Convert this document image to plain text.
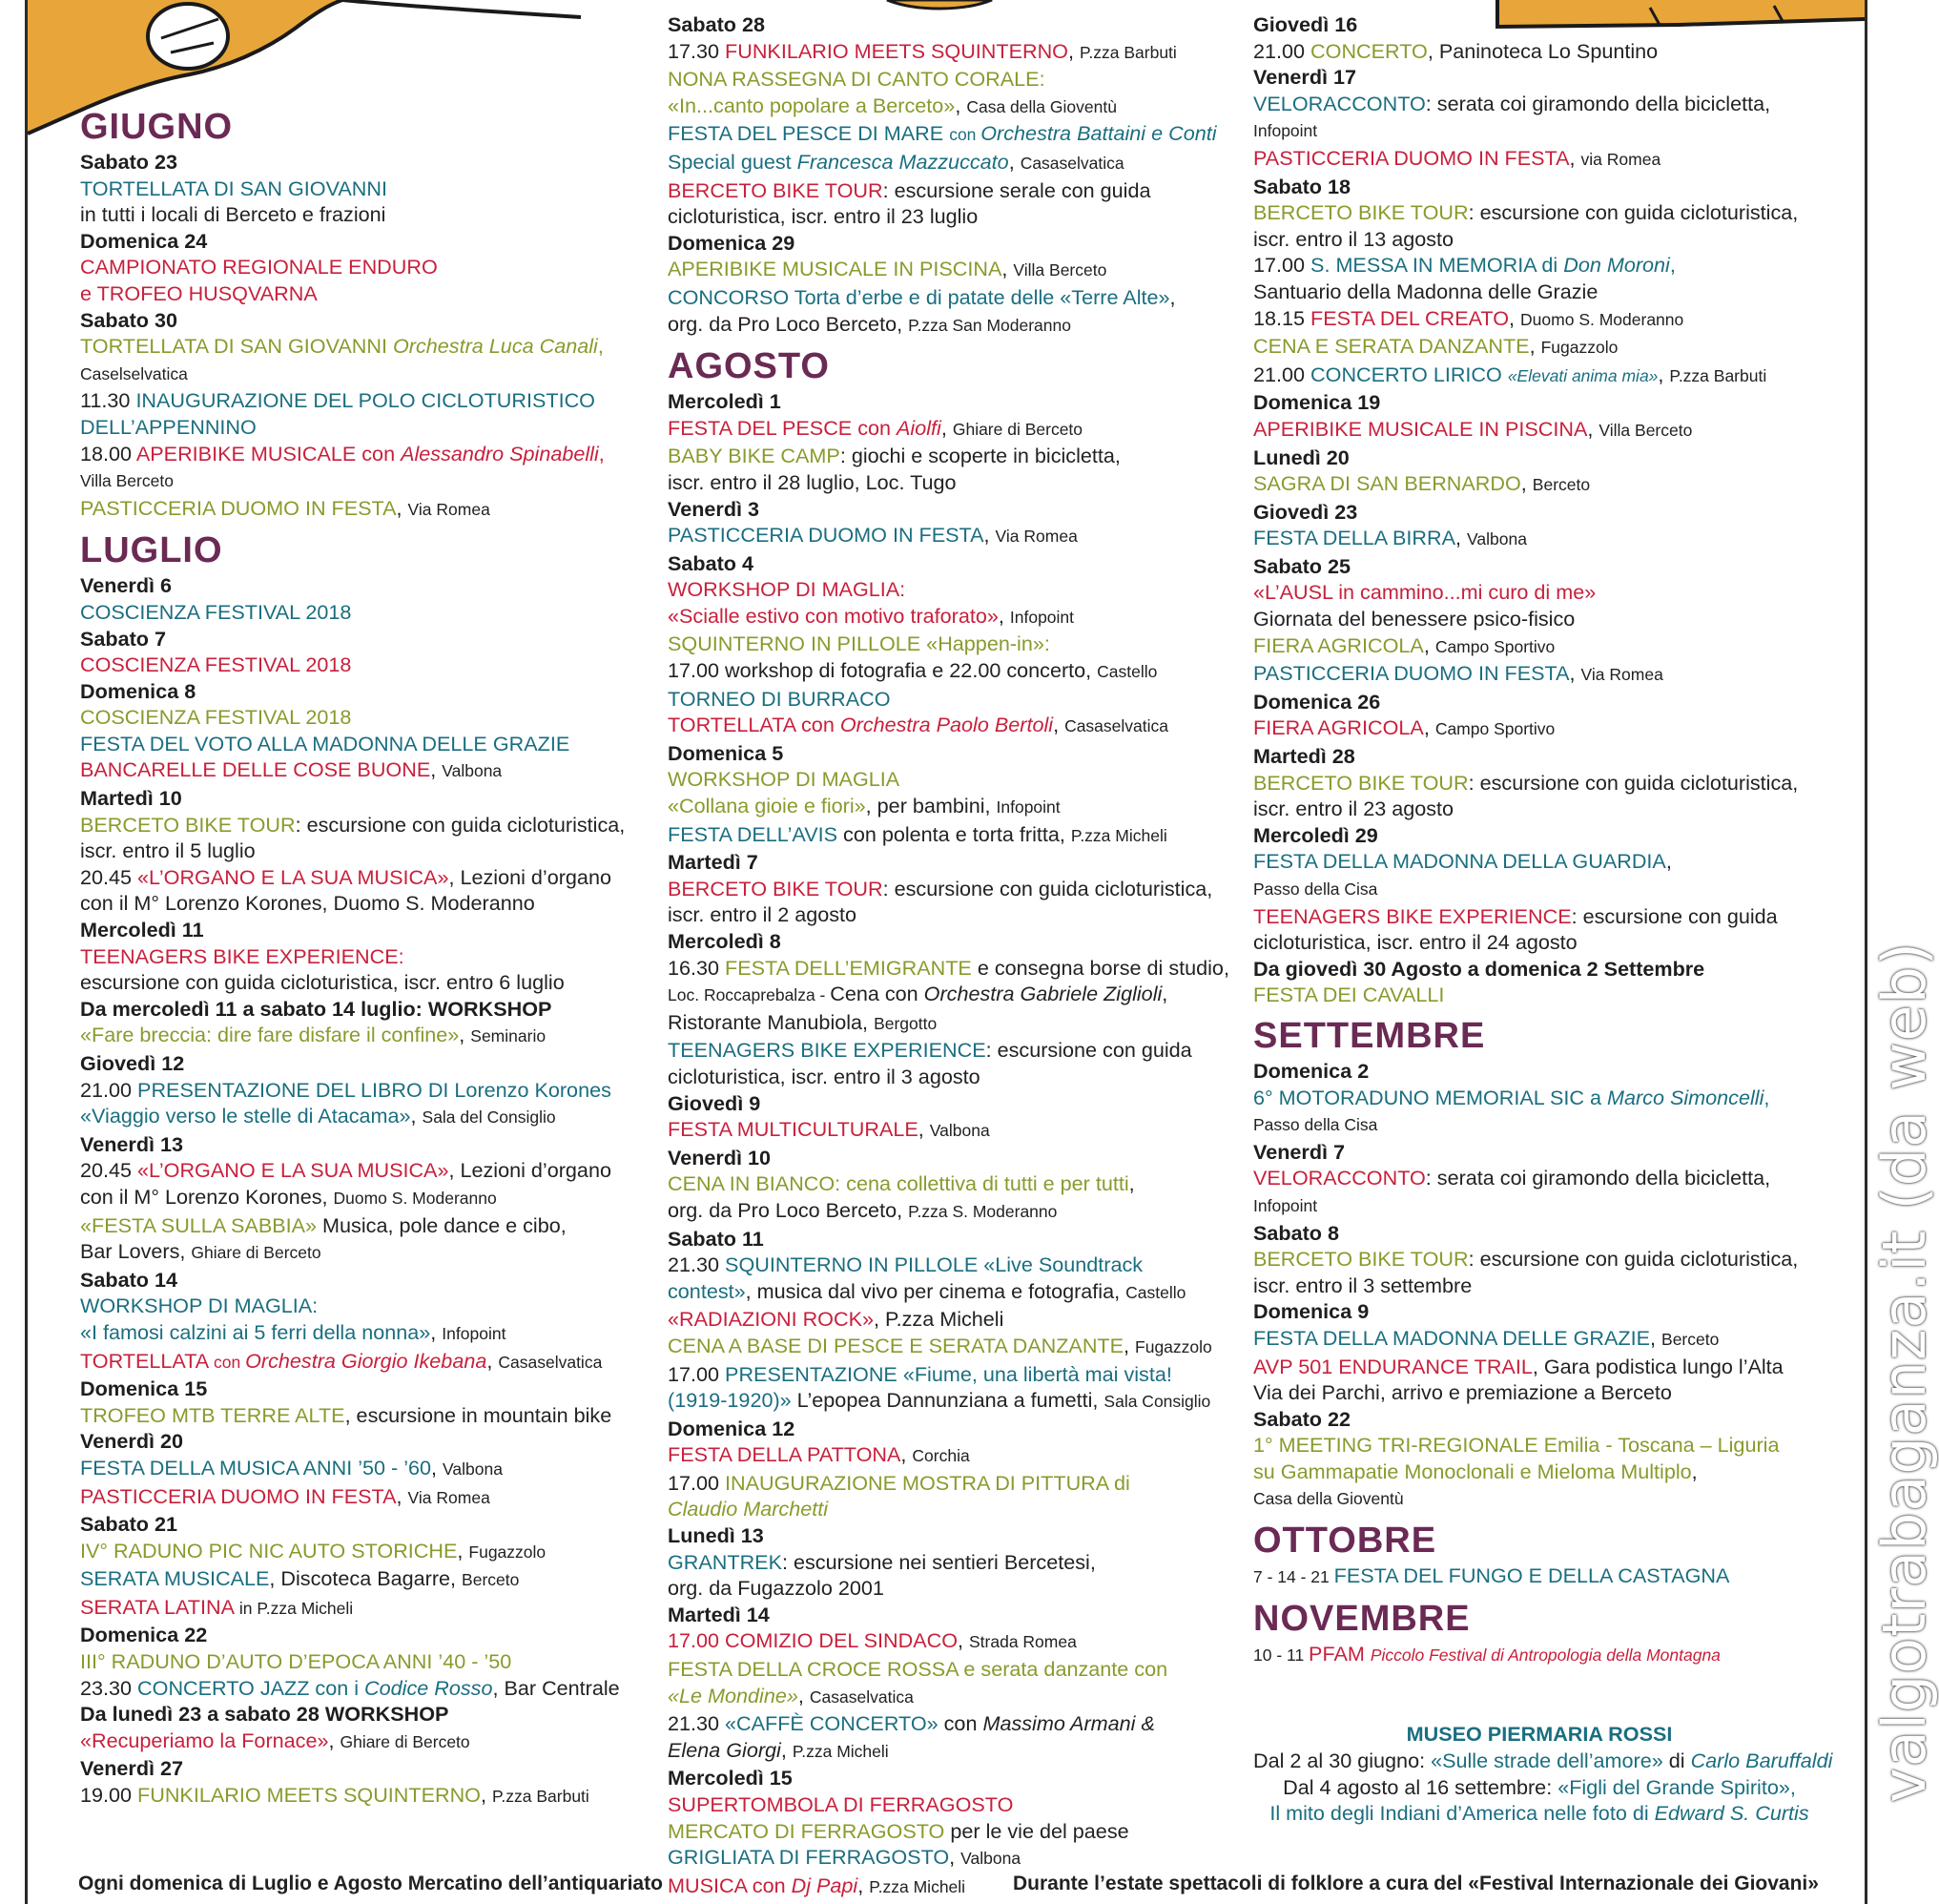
GIUGNO
Sabato 23
TORTELLATA DI SAN GIOVANNI
in tutti i locali di Berceto e frazioni
Domenica 24
CAMPIONATO REGIONALE ENDURO
e TROFEO HUSQVARNA
Sabato 30
TORTELLATA DI SAN GIOVANNI Orchestra Luca Canali,
Caselselvatica
11.30 INAUGURAZIONE DEL POLO CICLOTURISTICO
DELL’APPENNINO
18.00 APERIBIKE MUSICALE con Alessandro Spinabelli,
Villa Berceto
PASTICCERIA DUOMO IN FESTA, Via Romea
LUGLIO
Venerdì 6
COSCIENZA FESTIVAL 2018
Sabato 7
COSCIENZA FESTIVAL 2018
Domenica 8
COSCIENZA FESTIVAL 2018
FESTA DEL VOTO ALLA MADONNA DELLE GRAZIE
BANCARELLE DELLE COSE BUONE, Valbona
Martedì 10
BERCETO BIKE TOUR: escursione con guida cicloturistica,
iscr. entro il 5 luglio
20.45 «L’ORGANO E LA SUA MUSICA», Lezioni d’organo
con il M° Lorenzo Korones, Duomo S. Moderanno
Mercoledì 11
TEENAGERS BIKE EXPERIENCE:
escursione con guida cicloturistica, iscr. entro 6 luglio
Da mercoledì 11 a sabato 14 luglio: WORKSHOP
«Fare breccia: dire fare disfare il confine», Seminario
Giovedì 12
21.00 PRESENTAZIONE DEL LIBRO DI Lorenzo Korones
«Viaggio verso le stelle di Atacama», Sala del Consiglio
Venerdì 13
20.45 «L’ORGANO E LA SUA MUSICA», Lezioni d’organo
con il M° Lorenzo Korones, Duomo S. Moderanno
«FESTA SULLA SABBIA» Musica, pole dance e cibo,
Bar Lovers, Ghiare di Berceto
Sabato 14
WORKSHOP DI MAGLIA:
«I famosi calzini ai 5 ferri della nonna», Infopoint
TORTELLATA con Orchestra Giorgio Ikebana, Casaselvatica
Domenica 15
TROFEO MTB TERRE ALTE, escursione in mountain bike
Venerdì 20
FESTA DELLA MUSICA ANNI ’50 - ’60, Valbona
PASTICCERIA DUOMO IN FESTA, Via Romea
Sabato 21
IV° RADUNO PIC NIC AUTO STORICHE, Fugazzolo
SERATA MUSICALE, Discoteca Bagarre, Berceto
SERATA LATINA in P.zza Micheli
Domenica 22
III° RADUNO D’AUTO D’EPOCA ANNI ’40 - ’50
23.30 CONCERTO JAZZ con i Codice Rosso, Bar Centrale
Da lunedì 23 a sabato 28 WORKSHOP
«Recuperiamo la Fornace», Ghiare di Berceto
Venerdì 27
19.00 FUNKILARIO MEETS SQUINTERNO, P.zza Barbuti
Sabato 28
17.30 FUNKILARIO MEETS SQUINTERNO, P.zza Barbuti
NONA RASSEGNA DI CANTO CORALE:
«In...canto popolare a Berceto», Casa della Gioventù
FESTA DEL PESCE DI MARE con Orchestra Battaini e Conti
Special guest Francesca Mazzuccato, Casaselvatica
BERCETO BIKE TOUR: escursione serale con guida
cicloturistica, iscr. entro il 23 luglio
Domenica 29
APERIBIKE MUSICALE IN PISCINA, Villa Berceto
CONCORSO Torta d’erbe e di patate delle «Terre Alte»,
org. da Pro Loco Berceto, P.zza San Moderanno
AGOSTO
Mercoledì 1
FESTA DEL PESCE con Aiolfi, Ghiare di Berceto
BABY BIKE CAMP: giochi e scoperte in bicicletta,
iscr. entro il 28 luglio, Loc. Tugo
Venerdì 3
PASTICCERIA DUOMO IN FESTA, Via Romea
Sabato 4
WORKSHOP DI MAGLIA:
«Scialle estivo con motivo traforato», Infopoint
SQUINTERNO IN PILLOLE «Happen-in»:
17.00 workshop di fotografia e 22.00 concerto, Castello
TORNEO DI BURRACO
TORTELLATA con Orchestra Paolo Bertoli, Casaselvatica
Domenica 5
WORKSHOP DI MAGLIA
«Collana gioie e fiori», per bambini, Infopoint
FESTA DELL’AVIS con polenta e torta fritta, P.zza Micheli
Martedì 7
BERCETO BIKE TOUR: escursione con guida cicloturistica,
iscr. entro il 2 agosto
Mercoledì 8
16.30 FESTA DELL’EMIGRANTE e consegna borse di studio,
Loc. Roccaprebalza - Cena con Orchestra Gabriele Ziglioli,
Ristorante Manubiola, Bergotto
TEENAGERS BIKE EXPERIENCE: escursione con guida
cicloturistica, iscr. entro il 3 agosto
Giovedì 9
FESTA MULTICULTURALE, Valbona
Venerdì 10
CENA IN BIANCO: cena collettiva di tutti e per tutti,
org. da Pro Loco Berceto, P.zza S. Moderanno
Sabato 11
21.30 SQUINTERNO IN PILLOLE «Live Soundtrack
contest», musica dal vivo per cinema e fotografia, Castello
«RADIAZIONI ROCK», P.zza Micheli
CENA A BASE DI PESCE E SERATA DANZANTE, Fugazzolo
17.00 PRESENTAZIONE «Fiume, una libertà mai vista!
(1919-1920)» L’epopea Dannunziana a fumetti, Sala Consiglio
Domenica 12
FESTA DELLA PATTONA, Corchia
17.00 INAUGURAZIONE MOSTRA DI PITTURA di
Claudio Marchetti
Lunedì 13
GRANTREK: escursione nei sentieri Bercetesi,
org. da Fugazzolo 2001
Martedì 14
17.00 COMIZIO DEL SINDACO, Strada Romea
FESTA DELLA CROCE ROSSA e serata danzante con
«Le Mondine», Casaselvatica
21.30 «CAFFÈ CONCERTO» con Massimo Armani &
Elena Giorgi, P.zza Micheli
Mercoledì 15
SUPERTOMBOLA DI FERRAGOSTO
MERCATO DI FERRAGOSTO per le vie del paese
GRIGLIATA DI FERRAGOSTO, Valbona
MUSICA con Dj Papi, P.zza Micheli
Giovedì 16
21.00 CONCERTO, Paninoteca Lo Spuntino
Venerdì 17
VELORACCONTO: serata coi giramondo della bicicletta,
Infopoint
PASTICCERIA DUOMO IN FESTA, via Romea
Sabato 18
BERCETO BIKE TOUR: escursione con guida cicloturistica,
iscr. entro il 13 agosto
17.00 S. MESSA IN MEMORIA di Don Moroni,
Santuario della Madonna delle Grazie
18.15 FESTA DEL CREATO, Duomo S. Moderanno
CENA E SERATA DANZANTE, Fugazzolo
21.00 CONCERTO LIRICO «Elevati anima mia», P.zza Barbuti
Domenica 19
APERIBIKE MUSICALE IN PISCINA, Villa Berceto
Lunedì 20
SAGRA DI SAN BERNARDO, Berceto
Giovedì 23
FESTA DELLA BIRRA, Valbona
Sabato 25
«L’AUSL in cammino...mi curo di me»
Giornata del benessere psico-fisico
FIERA AGRICOLA, Campo Sportivo
PASTICCERIA DUOMO IN FESTA, Via Romea
Domenica 26
FIERA AGRICOLA, Campo Sportivo
Martedì 28
BERCETO BIKE TOUR: escursione con guida cicloturistica,
iscr. entro il 23 agosto
Mercoledì 29
FESTA DELLA MADONNA DELLA GUARDIA,
Passo della Cisa
TEENAGERS BIKE EXPERIENCE: escursione con guida
cicloturistica, iscr. entro il 24 agosto
Da giovedì 30 Agosto a domenica 2 Settembre
FESTA DEI CAVALLI
SETTEMBRE
Domenica 2
6° MOTORADUNO MEMORIAL SIC a Marco Simoncelli,
Passo della Cisa
Venerdì 7
VELORACCONTO: serata coi giramondo della bicicletta,
Infopoint
Sabato 8
BERCETO BIKE TOUR: escursione con guida cicloturistica,
iscr. entro il 3 settembre
Domenica 9
FESTA DELLA MADONNA DELLE GRAZIE, Berceto
AVP 501 ENDURANCE TRAIL, Gara podistica lungo l’Alta
Via dei Parchi, arrivo e premiazione a Berceto
Sabato 22
1° MEETING TRI-REGIONALE Emilia - Toscana – Liguria
su Gammapatie Monoclonali e Mieloma Multiplo,
Casa della Gioventù
OTTOBRE
7 - 14 - 21 FESTA DEL FUNGO E DELLA CASTAGNA
NOVEMBRE
10 - 11 PFAM Piccolo Festival di Antropologia della Montagna

MUSEO PIERMARIA ROSSI
Dal 2 al 30 giugno: «Sulle strade dell’amore» di Carlo Baruffaldi
Dal 4 agosto al 16 settembre: «Figli del Grande Spirito»,
Il mito degli Indiani d’America nelle foto di Edward S. Curtis
Ogni domenica di Luglio e Agosto Mercatino dell’antiquariato	Durante l’estate spettacoli di folklore a cura del «Festival Internazionale dei Giovani»
valgotrabaganza.it (da web)
